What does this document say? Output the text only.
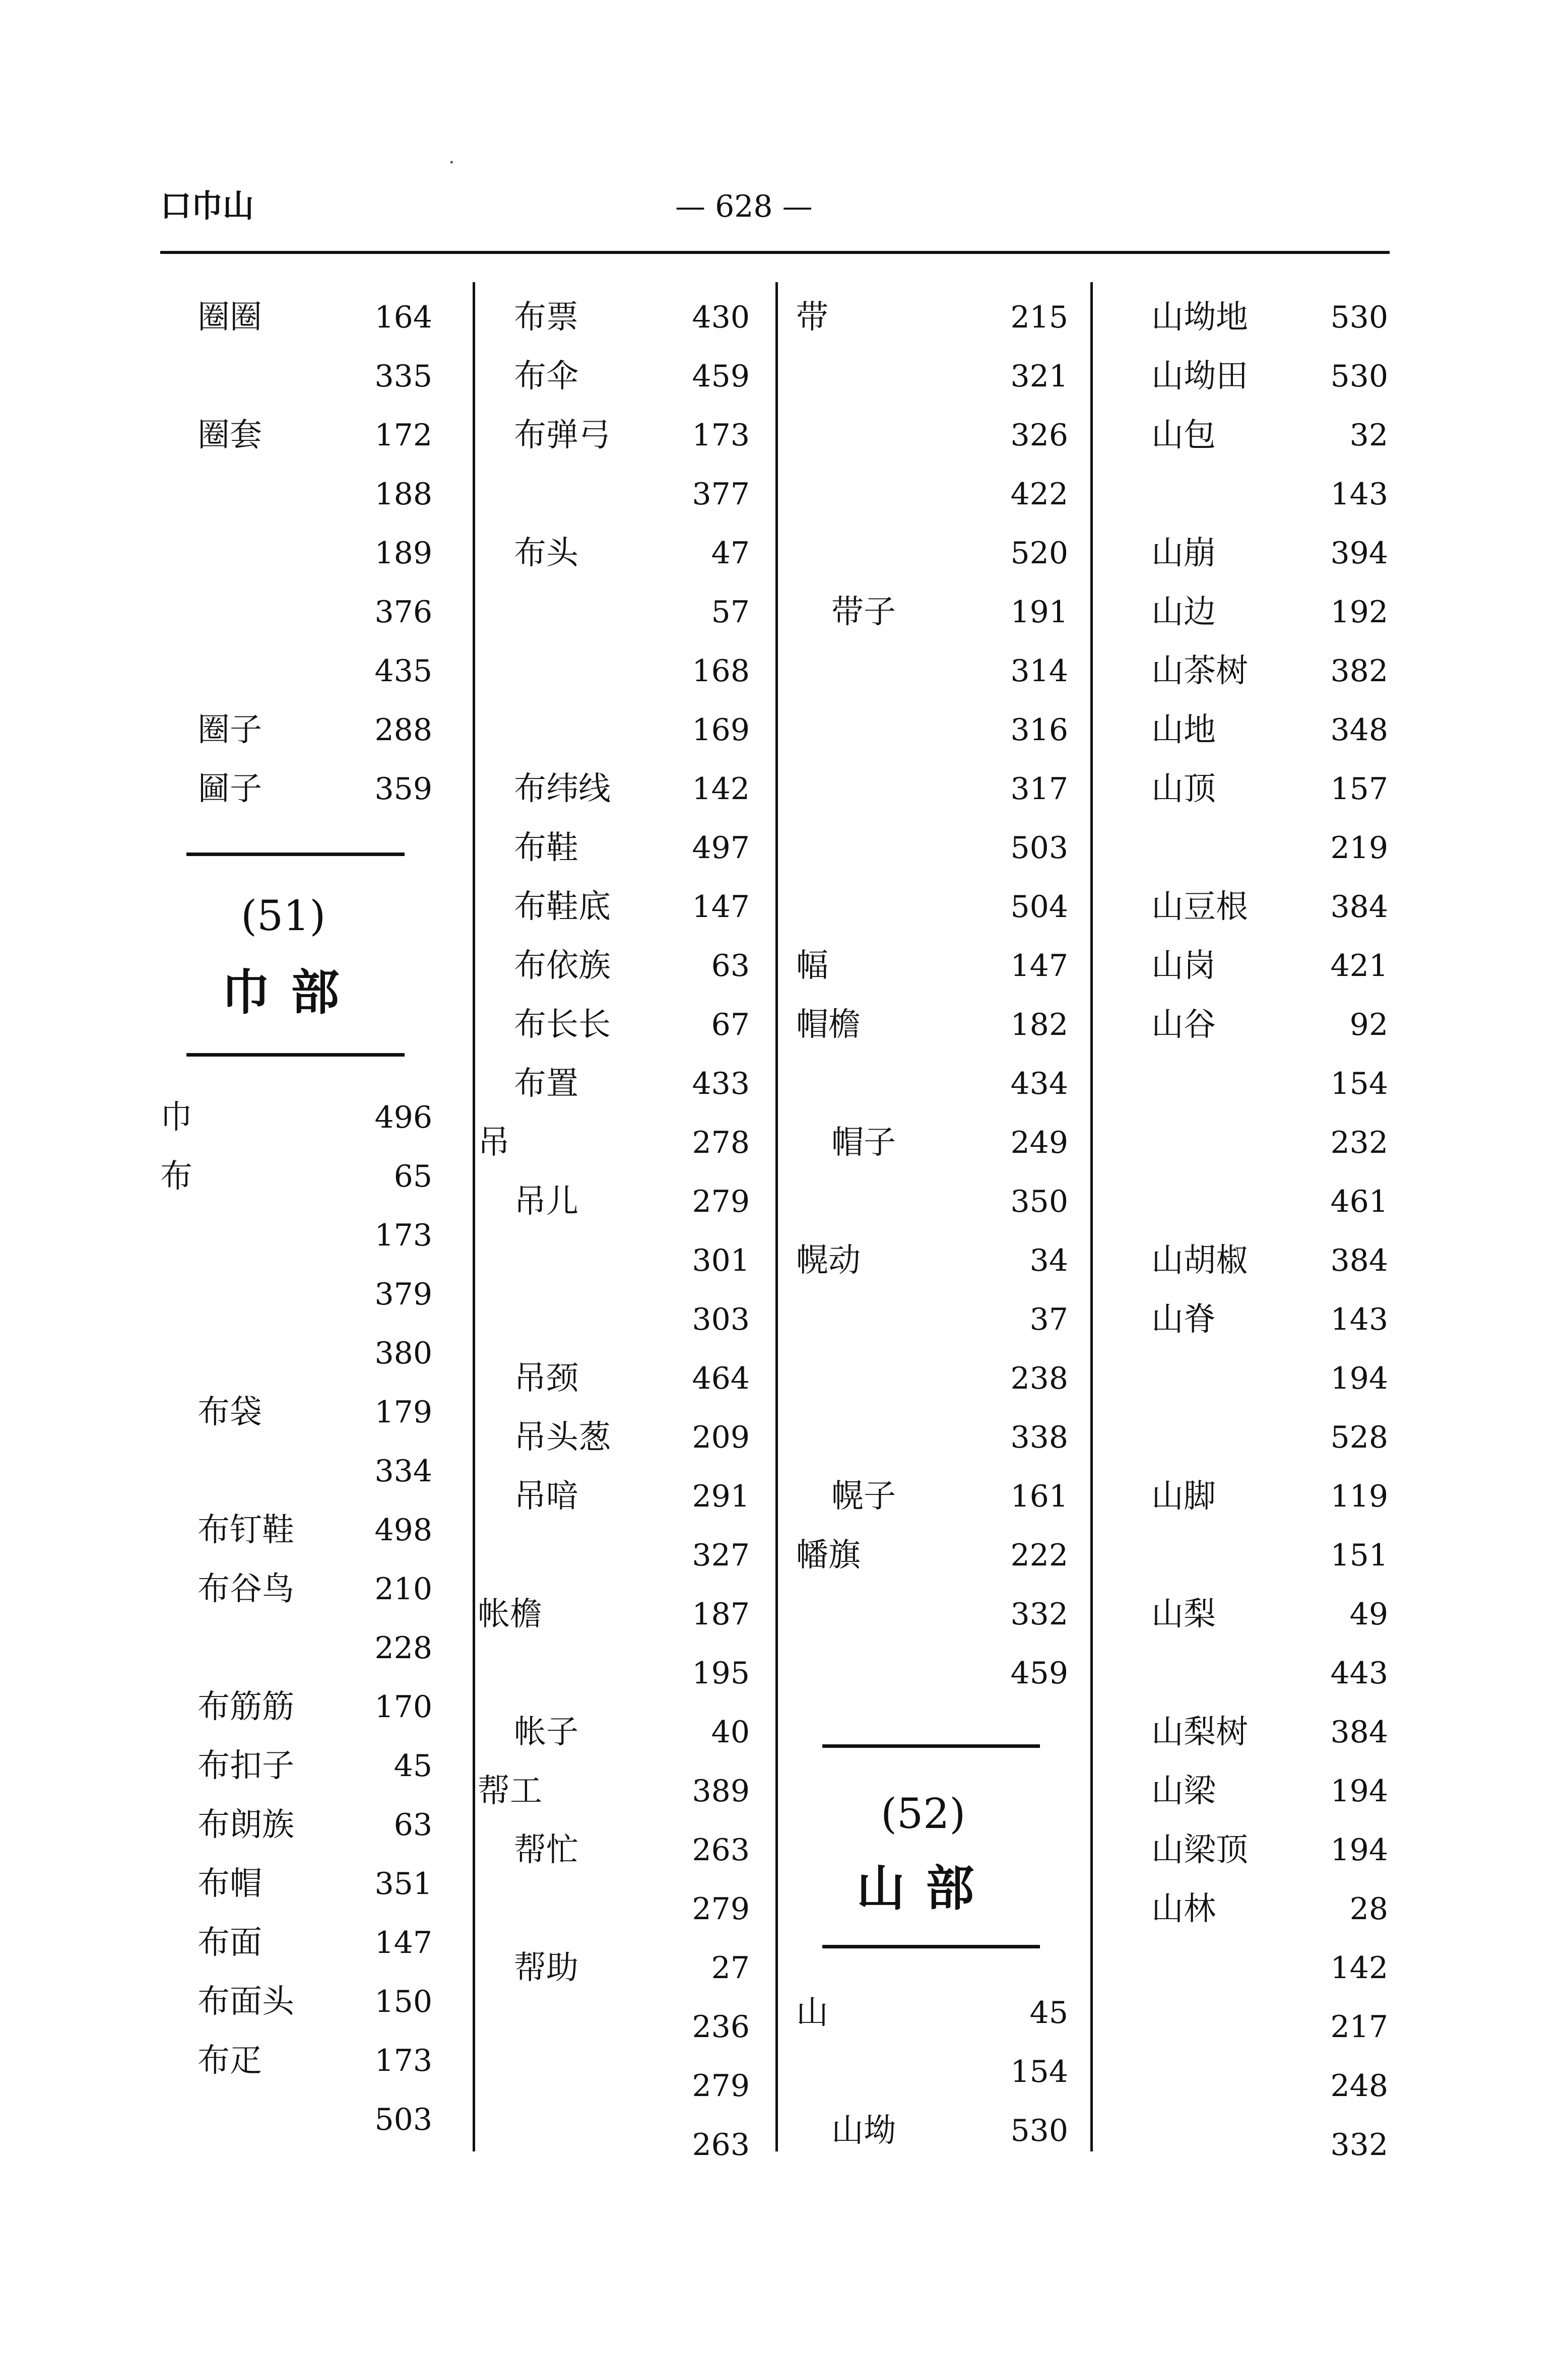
口巾山	— 628 —
(51)
巾 部
(52)
山 部
·
圈圈	164
335
圈套	172
188
189
376
435
圈子	288
圙子	359
巾	496
布	65
173
379
380
布袋	179
334
布钉鞋	498
布谷鸟	210
228
布筋筋	170
布扣子	45
布朗族	63
布帽	351
布面	147
布面头	150
布疋	173
503
布票	430
布伞	459
布弹弓	173
377
布头	47
57
168
169
布纬线	142
布鞋	497
布鞋底	147
布依族	63
布长长	67
布置	433
吊	278
吊儿	279
301
303
吊颈	464
吊头葱	209
吊喑	291
327
帐檐	187
195
帐子	40
帮工	389
帮忙	263
279
帮助	27
236
279
263
带	215
321
326
422
520
带子	191
314
316
317
503
504
幅	147
帽檐	182
434
帽子	249
350
幌动	34
37
238
338
幌子	161
幡旗	222
332
459
山	45
154
山坳	530
山坳地	530
山坳田	530
山包	32
143
山崩	394
山边	192
山茶树	382
山地	348
山顶	157
219
山豆根	384
山岗	421
山谷	92
154
232
461
山胡椒	384
山脊	143
194
528
山脚	119
151
山梨	49
443
山梨树	384
山梁	194
山梁顶	194
山林	28
142
217
248
332
